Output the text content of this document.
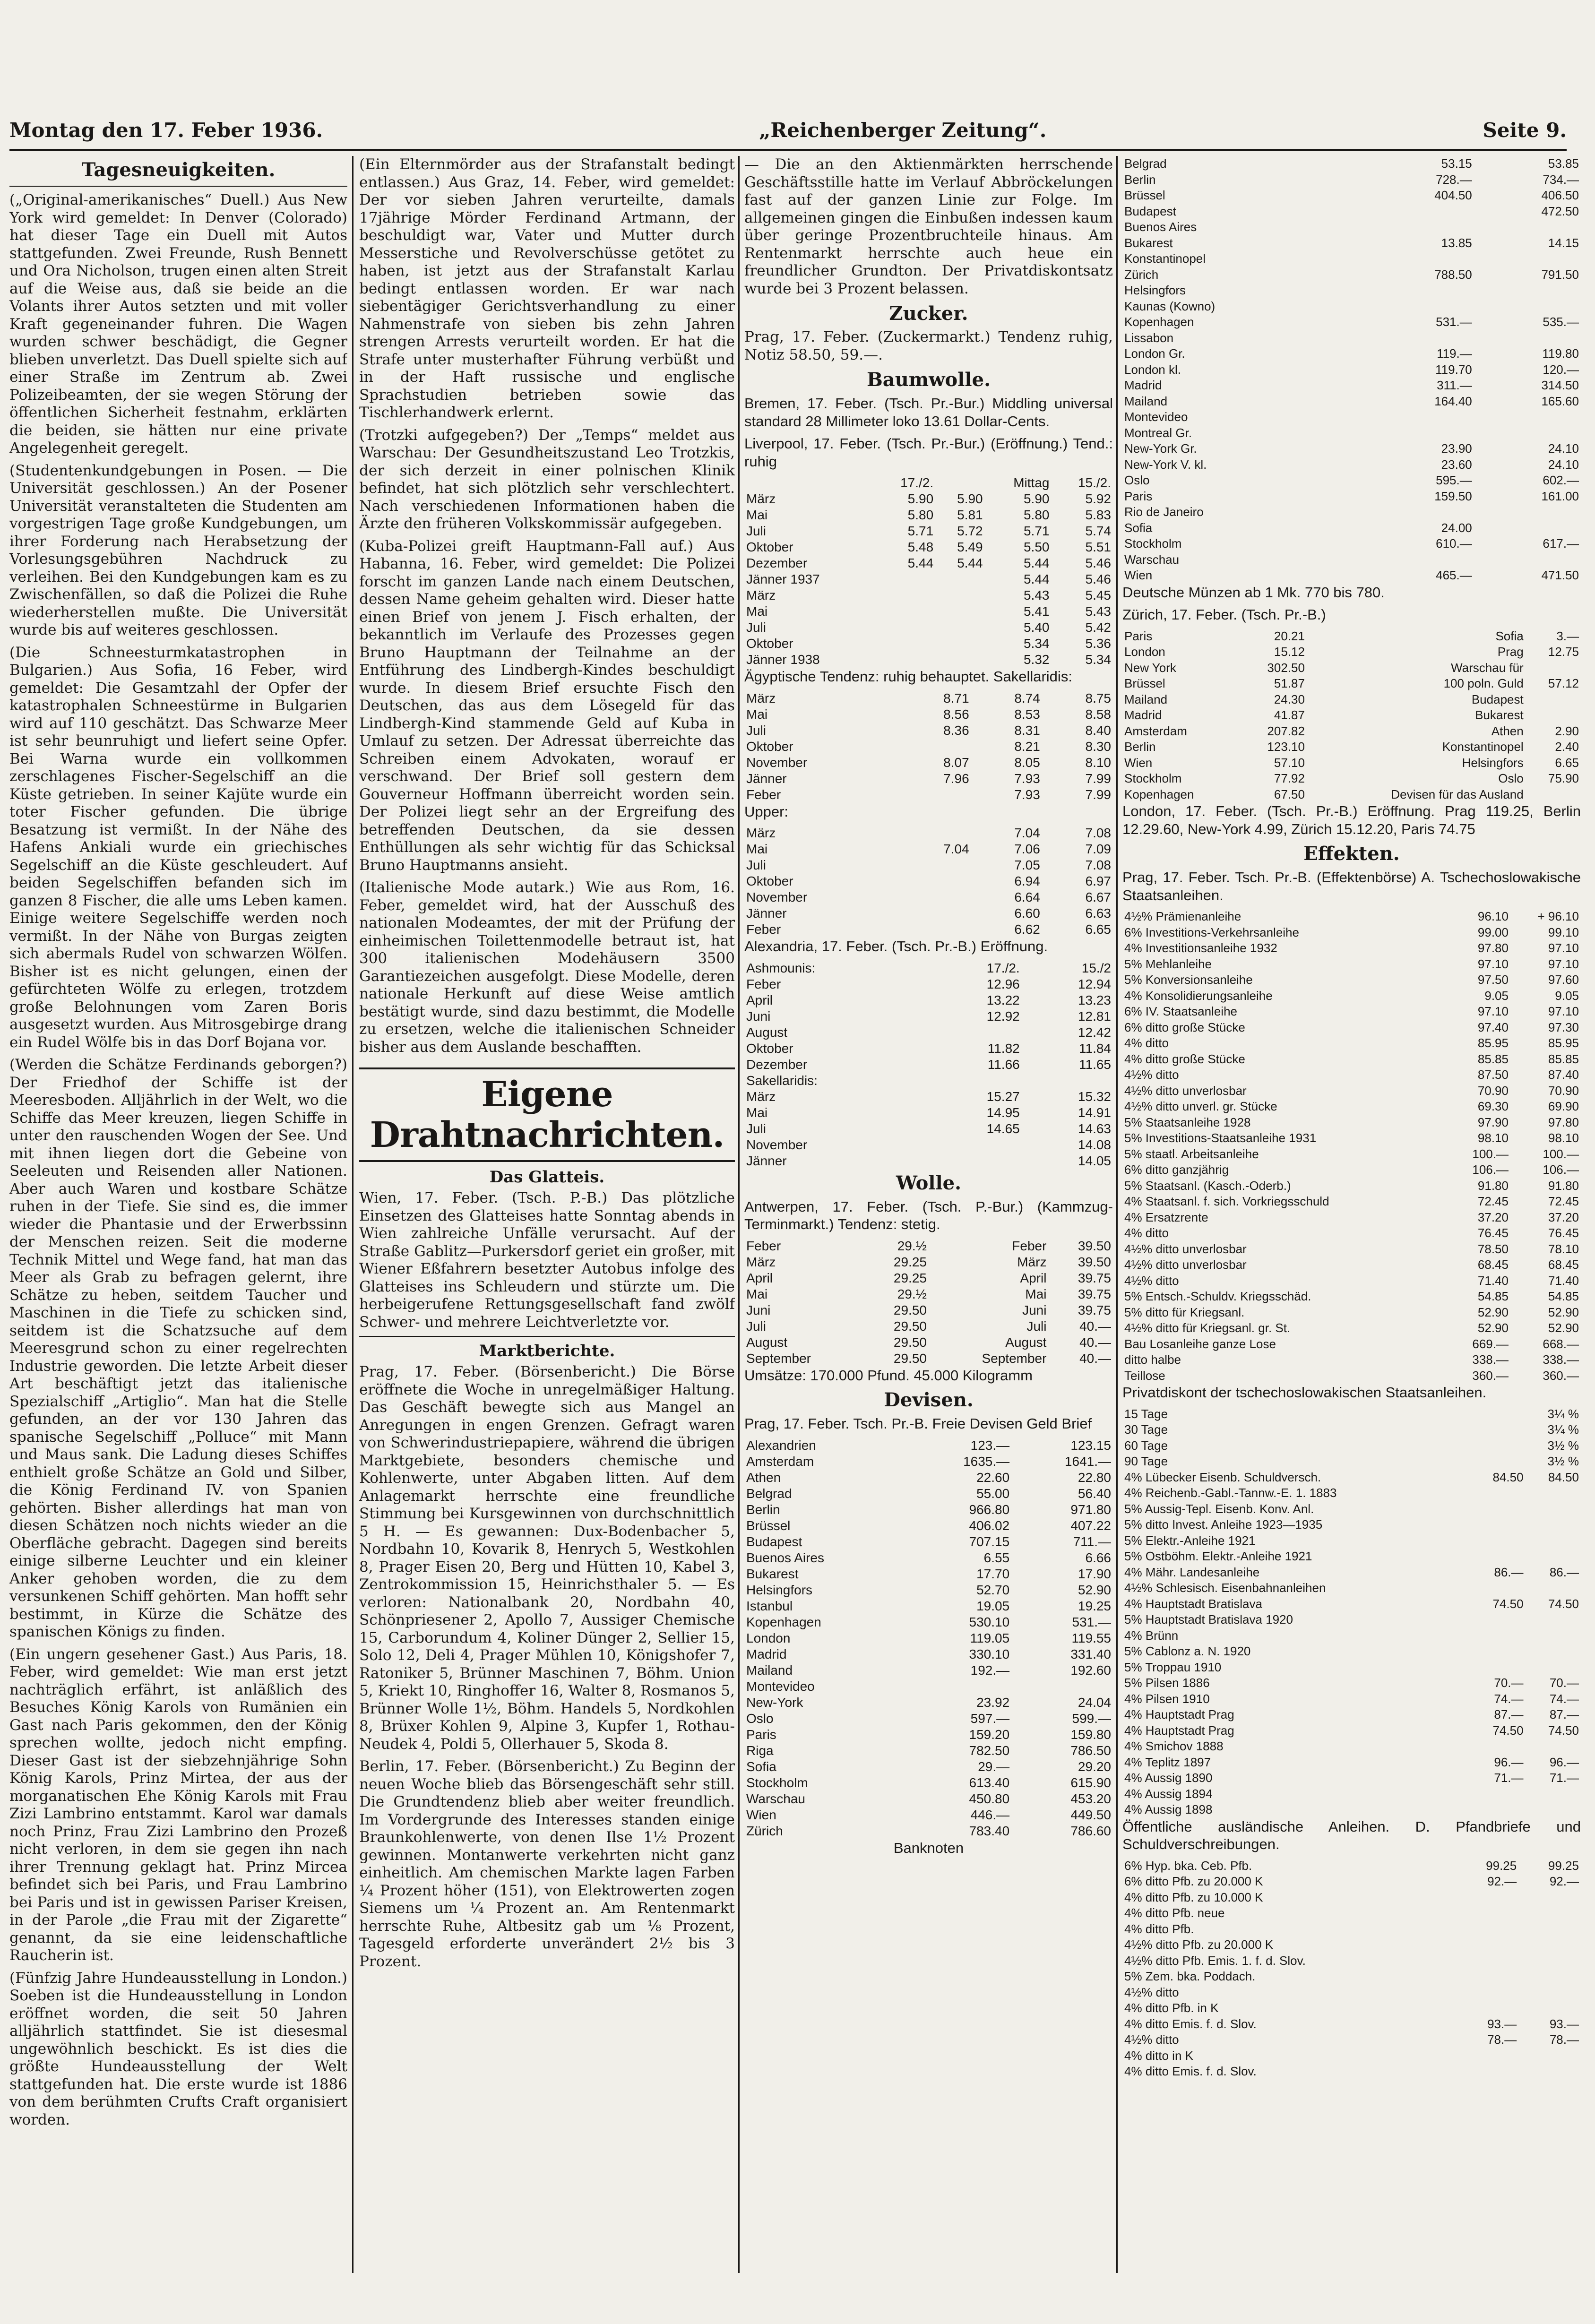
Montag den 17. Feber 1936.	„Reichenberger Zeitung“.	Seite 9.
Tagesneuigkeiten.

(„Original-amerikanisches“ Duell.) Aus New York wird gemeldet: In Denver (Colorado) hat dieser Tage ein Duell mit Autos stattgefunden. Zwei Freunde, Rush Bennett und Ora Nicholson, trugen einen alten Streit auf die Weise aus, daß sie beide an die Volants ihrer Autos setzten und mit voller Kraft gegeneinander fuhren. Die Wagen wurden schwer beschädigt, die Gegner blieben unverletzt. Das Duell spielte sich auf einer Straße im Zentrum ab. Zwei Polizeibeamten, der sie wegen Störung der öffentlichen Sicherheit festnahm, erklärten die beiden, sie hätten nur eine private Angelegenheit geregelt.

(Studentenkundgebungen in Posen. — Die Universität geschlossen.) An der Posener Universität veranstalteten die Studenten am vorgestrigen Tage große Kundgebungen, um ihrer Forderung nach Herabsetzung der Vorlesungsgebühren Nachdruck zu verleihen. Bei den Kundgebungen kam es zu Zwischenfällen, so daß die Polizei die Ruhe wiederherstellen mußte. Die Universität wurde bis auf weiteres geschlossen.

(Die Schneesturmkatastrophen in Bulgarien.) Aus Sofia, 16 Feber, wird gemeldet: Die Gesamtzahl der Opfer der katastrophalen Schneestürme in Bulgarien wird auf 110 geschätzt. Das Schwarze Meer ist sehr beunruhigt und liefert seine Opfer. Bei Warna wurde ein vollkommen zerschlagenes Fischer-Segelschiff an die Küste getrieben. In seiner Kajüte wurde ein toter Fischer gefunden. Die übrige Besatzung ist vermißt. In der Nähe des Hafens Ankiali wurde ein griechisches Segelschiff an die Küste geschleudert. Auf beiden Segelschiffen befanden sich im ganzen 8 Fischer, die alle ums Leben kamen. Einige weitere Segelschiffe werden noch vermißt. In der Nähe von Burgas zeigten sich abermals Rudel von schwarzen Wölfen. Bisher ist es nicht gelungen, einen der gefürchteten Wölfe zu erlegen, trotzdem große Belohnungen vom Zaren Boris ausgesetzt wurden. Aus Mitrosgebirge drang ein Rudel Wölfe bis in das Dorf Bojana vor.

(Werden die Schätze Ferdinands geborgen?) Der Friedhof der Schiffe ist der Meeresboden. Alljährlich in der Welt, wo die Schiffe das Meer kreuzen, liegen Schiffe in unter den rauschenden Wogen der See. Und mit ihnen liegen dort die Gebeine von Seeleuten und Reisenden aller Nationen. Aber auch Waren und kostbare Schätze ruhen in der Tiefe. Sie sind es, die immer wieder die Phantasie und der Erwerbssinn der Menschen reizen. Seit die moderne Technik Mittel und Wege fand, hat man das Meer als Grab zu befragen gelernt, ihre Schätze zu heben, seitdem Taucher und Maschinen in die Tiefe zu schicken sind, seitdem ist die Schatzsuche auf dem Meeresgrund schon zu einer regelrechten Industrie geworden. Die letzte Arbeit dieser Art beschäftigt jetzt das italienische Spezialschiff „Artiglio“. Man hat die Stelle gefunden, an der vor 130 Jahren das spanische Segelschiff „Polluce“ mit Mann und Maus sank. Die Ladung dieses Schiffes enthielt große Schätze an Gold und Silber, die König Ferdinand IV. von Spanien gehörten. Bisher allerdings hat man von diesen Schätzen noch nichts wieder an die Oberfläche gebracht. Dagegen sind bereits einige silberne Leuchter und ein kleiner Anker gehoben worden, die zu dem versunkenen Schiff gehörten. Man hofft sehr bestimmt, in Kürze die Schätze des spanischen Königs zu finden.

(Ein ungern gesehener Gast.) Aus Paris, 18. Feber, wird gemeldet: Wie man erst jetzt nachträglich erfährt, ist anläßlich des Besuches König Karols von Rumänien ein Gast nach Paris gekommen, den der König sprechen wollte, jedoch nicht empfing. Dieser Gast ist der siebzehnjährige Sohn König Karols, Prinz Mirtea, der aus der morganatischen Ehe König Karols mit Frau Zizi Lambrino entstammt. Karol war damals noch Prinz, Frau Zizi Lambrino den Prozeß nicht verloren, in dem sie gegen ihn nach ihrer Trennung geklagt hat. Prinz Mircea befindet sich bei Paris, und Frau Lambrino bei Paris und ist in gewissen Pariser Kreisen, in der Parole „die Frau mit der Zigarette“ genannt, da sie eine leidenschaftliche Raucherin ist.

(Fünfzig Jahre Hundeausstellung in London.) Soeben ist die Hundeausstellung in London eröffnet worden, die seit 50 Jahren alljährlich stattfindet. Sie ist diesesmal ungewöhnlich beschickt. Es ist dies die größte Hundeausstellung der Welt stattgefunden hat. Die erste wurde ist 1886 von dem berühmten Crufts Craft organisiert worden.

(Ein Elternmörder aus der Strafanstalt bedingt entlassen.) Aus Graz, 14. Feber, wird gemeldet: Der vor sieben Jahren verurteilte, damals 17jährige Mörder Ferdinand Artmann, der beschuldigt war, Vater und Mutter durch Messerstiche und Revolverschüsse getötet zu haben, ist jetzt aus der Strafanstalt Karlau bedingt entlassen worden. Er war nach siebentägiger Gerichtsverhandlung zu einer Nahmenstrafe von sieben bis zehn Jahren strengen Arrests verurteilt worden. Er hat die Strafe unter musterhafter Führung verbüßt und in der Haft russische und englische Sprachstudien betrieben sowie das Tischlerhandwerk erlernt.

(Trotzki aufgegeben?) Der „Temps“ meldet aus Warschau: Der Gesundheitszustand Leo Trotzkis, der sich derzeit in einer polnischen Klinik befindet, hat sich plötzlich sehr verschlechtert. Nach verschiedenen Informationen haben die Ärzte den früheren Volkskommissär aufgegeben.

(Kuba-Polizei greift Hauptmann-Fall auf.) Aus Habanna, 16. Feber, wird gemeldet: Die Polizei forscht im ganzen Lande nach einem Deutschen, dessen Name geheim gehalten wird. Dieser hatte einen Brief von jenem J. Fisch erhalten, der bekanntlich im Verlaufe des Prozesses gegen Bruno Hauptmann der Teilnahme an der Entführung des Lindbergh-Kindes beschuldigt wurde. In diesem Brief ersuchte Fisch den Deutschen, das aus dem Lösegeld für das Lindbergh-Kind stammende Geld auf Kuba in Umlauf zu setzen. Der Adressat überreichte das Schreiben einem Advokaten, worauf er verschwand. Der Brief soll gestern dem Gouverneur Hoffmann überreicht worden sein. Der Polizei liegt sehr an der Ergreifung des betreffenden Deutschen, da sie dessen Enthüllungen als sehr wichtig für das Schicksal Bruno Hauptmanns ansieht.

(Italienische Mode autark.) Wie aus Rom, 16. Feber, gemeldet wird, hat der Ausschuß des nationalen Modeamtes, der mit der Prüfung der einheimischen Toilettenmodelle betraut ist, hat 300 italienischen Modehäusern 3500 Garantiezeichen ausgefolgt. Diese Modelle, deren nationale Herkunft auf diese Weise amtlich bestätigt wurde, sind dazu bestimmt, die Modelle zu ersetzen, welche die italienischen Schneider bisher aus dem Auslande beschafften.

Eigene Drahtnachrichten.
Das Glatteis.

Wien, 17. Feber. (Tsch. P.-B.) Das plötzliche Einsetzen des Glatteises hatte Sonntag abends in Wien zahlreiche Unfälle verursacht. Auf der Straße Gablitz—Purkersdorf geriet ein großer, mit Wiener Eßfahrern besetzter Autobus infolge des Glatteises ins Schleudern und stürzte um. Die herbeigerufene Rettungsgesellschaft fand zwölf Schwer- und mehrere Leichtverletzte vor.

Marktberichte.

Prag, 17. Feber. (Börsenbericht.) Die Börse eröffnete die Woche in unregelmäßiger Haltung. Das Geschäft bewegte sich aus Mangel an Anregungen in engen Grenzen. Gefragt waren von Schwerindustriepapiere, während die übrigen Marktgebiete, besonders chemische und Kohlenwerte, unter Abgaben litten. Auf dem Anlagemarkt herrschte eine freundliche Stimmung bei Kursgewinnen von durchschnittlich 5 H. — Es gewannen: Dux-Bodenbacher 5, Nordbahn 10, Kovarik 8, Henrych 5, Westkohlen 8, Prager Eisen 20, Berg und Hütten 10, Kabel 3, Zentrokommission 15, Heinrichsthaler 5. — Es verloren: Nationalbank 20, Nordbahn 40, Schönpriesener 2, Apollo 7, Aussiger Chemische 15, Carborundum 4, Koliner Dünger 2, Sellier 15, Solo 12, Deli 4, Prager Mühlen 10, Königshofer 7, Ratoniker 5, Brünner Maschinen 7, Böhm. Union 5, Kriekt 10, Ringhoffer 16, Walter 8, Rosmanos 5, Brünner Wolle 1½, Böhm. Handels 5, Nordkohlen 8, Brüxer Kohlen 9, Alpine 3, Kupfer 1, Rothau-Neudek 4, Poldi 5, Ollerhauer 5, Skoda 8.

Berlin, 17. Feber. (Börsenbericht.) Zu Beginn der neuen Woche blieb das Börsengeschäft sehr still. Die Grundtendenz blieb aber weiter freundlich. Im Vordergrunde des Interesses standen einige Braunkohlenwerte, von denen Ilse 1½ Prozent gewinnen. Montanwerte verkehrten nicht ganz einheitlich. Am chemischen Markte lagen Farben ¼ Prozent höher (151), von Elektrowerten zogen Siemens um ¼ Prozent an. Am Rentenmarkt herrschte Ruhe, Altbesitz gab um ⅛ Prozent, Tagesgeld erforderte unverändert 2½ bis 3 Prozent.

— Die an den Aktienmärkten herrschende Geschäftsstille hatte im Verlauf Abbröckelungen fast auf der ganzen Linie zur Folge. Im allgemeinen gingen die Einbußen indessen kaum über geringe Prozentbruchteile hinaus. Am Rentenmarkt herrschte auch heue ein freundlicher Grundton. Der Privatdiskontsatz wurde bei 3 Prozent belassen.

Zucker.

Prag, 17. Feber. (Zuckermarkt.) Tendenz ruhig, Notiz 58.50, 59.—.

Baumwolle.

Bremen, 17. Feber. (Tsch. Pr.-Bur.) Middling universal standard 28 Millimeter loko 13.61 Dollar-Cents.

Liverpool, 17. Feber. (Tsch. Pr.-Bur.) (Eröffnung.) Tend.: ruhig

	17./2.		Mittag	15./2.
März	5.90	5.90	5.90	5.92
Mai	5.80	5.81	5.80	5.83
Juli	5.71	5.72	5.71	5.74
Oktober	5.48	5.49	5.50	5.51
Dezember	5.44	5.44	5.44	5.46
Jänner 1937			5.44	5.46
März			5.43	5.45
Mai			5.41	5.43
Juli			5.40	5.42
Oktober			5.34	5.36
Jänner 1938			5.32	5.34

Ägyptische Tendenz: ruhig behauptet. Sakellaridis:

März	8.71	8.74	8.75
Mai	8.56	8.53	8.58
Juli	8.36	8.31	8.40
Oktober		8.21	8.30
November	8.07	8.05	8.10
Jänner	7.96	7.93	7.99
Feber		7.93	7.99

Upper:

März		7.04	7.08
Mai	7.04	7.06	7.09
Juli		7.05	7.08
Oktober		6.94	6.97
November		6.64	6.67
Jänner		6.60	6.63
Feber		6.62	6.65

Alexandria, 17. Feber. (Tsch. Pr.-B.) Eröffnung.

Ashmounis:	17./2.	15./2
Feber	12.96	12.94
April	13.22	13.23
Juni	12.92	12.81
August		12.42
Oktober	11.82	11.84
Dezember	11.66	11.65
Sakellaridis:		
März	15.27	15.32
Mai	14.95	14.91
Juli	14.65	14.63
November		14.08
Jänner		14.05
Wolle.

Antwerpen, 17. Feber. (Tsch. P.-Bur.) (Kammzug-Terminmarkt.) Tendenz: stetig.

Feber	29.½	Feber	39.50
März	29.25	März	39.50
April	29.25	April	39.75
Mai	29.½	Mai	39.75
Juni	29.50	Juni	39.75
Juli	29.50	Juli	40.—
August	29.50	August	40.—
September	29.50	September	40.—

Umsätze: 170.000 Pfund. 45.000 Kilogramm

Devisen.

Prag, 17. Feber. Tsch. Pr.-B. Freie Devisen Geld Brief

Alexandrien	123.—	123.15
Amsterdam	1635.—	1641.—
Athen	22.60	22.80
Belgrad	55.00	56.40
Berlin	966.80	971.80
Brüssel	406.02	407.22
Budapest	707.15	711.—
Buenos Aires	6.55	6.66
Bukarest	17.70	17.90
Helsingfors	52.70	52.90
Istanbul	19.05	19.25
Kopenhagen	530.10	531.—
London	119.05	119.55
Madrid	330.10	331.40
Mailand	192.—	192.60
Montevideo		
New-York	23.92	24.04
Oslo	597.—	599.—
Paris	159.20	159.80
Riga	782.50	786.50
Sofia	29.—	29.20
Stockholm	613.40	615.90
Warschau	450.80	453.20
Wien	446.—	449.50
Zürich	783.40	786.60

Banknoten

Belgrad	53.15	53.85
Berlin	728.—	734.—
Brüssel	404.50	406.50
Budapest		472.50
Buenos Aires		
Bukarest	13.85	14.15
Konstantinopel		
Zürich	788.50	791.50
Helsingfors		
Kaunas (Kowno)		
Kopenhagen	531.—	535.—
Lissabon		
London Gr.	119.—	119.80
London kl.	119.70	120.—
Madrid	311.—	314.50
Mailand	164.40	165.60
Montevideo		
Montreal Gr.		
New-York Gr.	23.90	24.10
New-York V. kl.	23.60	24.10
Oslo	595.—	602.—
Paris	159.50	161.00
Rio de Janeiro		
Sofia	24.00	
Stockholm	610.—	617.—
Warschau		
Wien	465.—	471.50

Deutsche Münzen ab 1 Mk. 770 bis 780.

Zürich, 17. Feber. (Tsch. Pr.-B.)

Paris	20.21	Sofia	3.—
London	15.12	Prag	12.75
New York	302.50	Warschau für	
Brüssel	51.87	100 poln. Guld	57.12
Mailand	24.30	Budapest	
Madrid	41.87	Bukarest	
Amsterdam	207.82	Athen	2.90
Berlin	123.10	Konstantinopel	2.40
Wien	57.10	Helsingfors	6.65
Stockholm	77.92	Oslo	75.90
Kopenhagen	67.50	Devisen für das Ausland	

London, 17. Feber. (Tsch. Pr.-B.) Eröffnung. Prag 119.25, Berlin 12.29.60, New-York 4.99, Zürich 15.12.20, Paris 74.75

Effekten.

Prag, 17. Feber. Tsch. Pr.-B. (Effektenbörse) A. Tschechoslowakische Staatsanleihen.

4½% Prämienanleihe	96.10	+ 96.10
6% Investitions-Verkehrsanleihe	99.00	99.10
4% Investitionsanleihe 1932	97.80	97.10
5% Mehlanleihe	97.10	97.10
5% Konversionsanleihe	97.50	97.60
4% Konsolidierungsanleihe	9.05	9.05
6% IV. Staatsanleihe	97.10	97.10
6% ditto große Stücke	97.40	97.30
4% ditto	85.95	85.95
4% ditto große Stücke	85.85	85.85
4½% ditto	87.50	87.40
4½% ditto unverlosbar	70.90	70.90
4½% ditto unverl. gr. Stücke	69.30	69.90
5% Staatsanleihe 1928	97.90	97.80
5% Investitions-Staatsanleihe 1931	98.10	98.10
5% staatl. Arbeitsanleihe	100.—	100.—
6% ditto ganzjährig	106.—	106.—
5% Staatsanl. (Kasch.-Oderb.)	91.80	91.80
4% Staatsanl. f. sich. Vorkriegsschuld	72.45	72.45
4% Ersatzrente	37.20	37.20
4% ditto	76.45	76.45
4½% ditto unverlosbar	78.50	78.10
4½% ditto unverlosbar	68.45	68.45
4½% ditto	71.40	71.40
5% Entsch.-Schuldv. Kriegsschäd.	54.85	54.85
5% ditto für Kriegsanl.	52.90	52.90
4½% ditto für Kriegsanl. gr. St.	52.90	52.90
Bau Losanleihe ganze Lose	669.—	668.—
ditto halbe	338.—	338.—
Teillose	360.—	360.—

Privatdiskont der tschechoslowakischen Staatsanleihen.

15 Tage	3¼ %
30 Tage	3¼ %
60 Tage	3½ %
90 Tage	3½ %
4% Lübecker Eisenb. Schuldversch.	84.50	84.50
4% Reichenb.-Gabl.-Tannw.-E. 1. 1883		
5% Aussig-Tepl. Eisenb. Konv. Anl.		
5% ditto Invest. Anleihe 1923—1935		
5% Elektr.-Anleihe 1921		
5% Ostböhm. Elektr.-Anleihe 1921		
4% Mähr. Landesanleihe	86.—	86.—
4½% Schlesisch. Eisenbahnanleihen		
4% Hauptstadt Bratislava	74.50	74.50
5% Hauptstadt Bratislava 1920		
4% Brünn		
5% Cablonz a. N. 1920		
5% Troppau 1910		
5% Pilsen 1886	70.—	70.—
4% Pilsen 1910	74.—	74.—
4% Hauptstadt Prag	87.—	87.—
4% Hauptstadt Prag	74.50	74.50
4% Smichov 1888		
4% Teplitz 1897	96.—	96.—
4% Aussig 1890	71.—	71.—
4% Aussig 1894		
4% Aussig 1898		

Öffentliche ausländische Anleihen. D. Pfandbriefe und Schuldverschreibungen.

6% Hyp. bka. Ceb. Pfb.	99.25	99.25
6% ditto Pfb. zu 20.000 K	92.—	92.—
4% ditto Pfb. zu 10.000 K		
4% ditto Pfb. neue		
4% ditto Pfb.		
4½% ditto Pfb. zu 20.000 K		
4½% ditto Pfb. Emis. 1. f. d. Slov.		
5% Zem. bka. Poddach.		
4½% ditto		
4% ditto Pfb. in K		
4% ditto Emis. f. d. Slov.	93.—	93.—
4½% ditto	78.—	78.—
4% ditto in K		
4% ditto Emis. f. d. Slov.		
